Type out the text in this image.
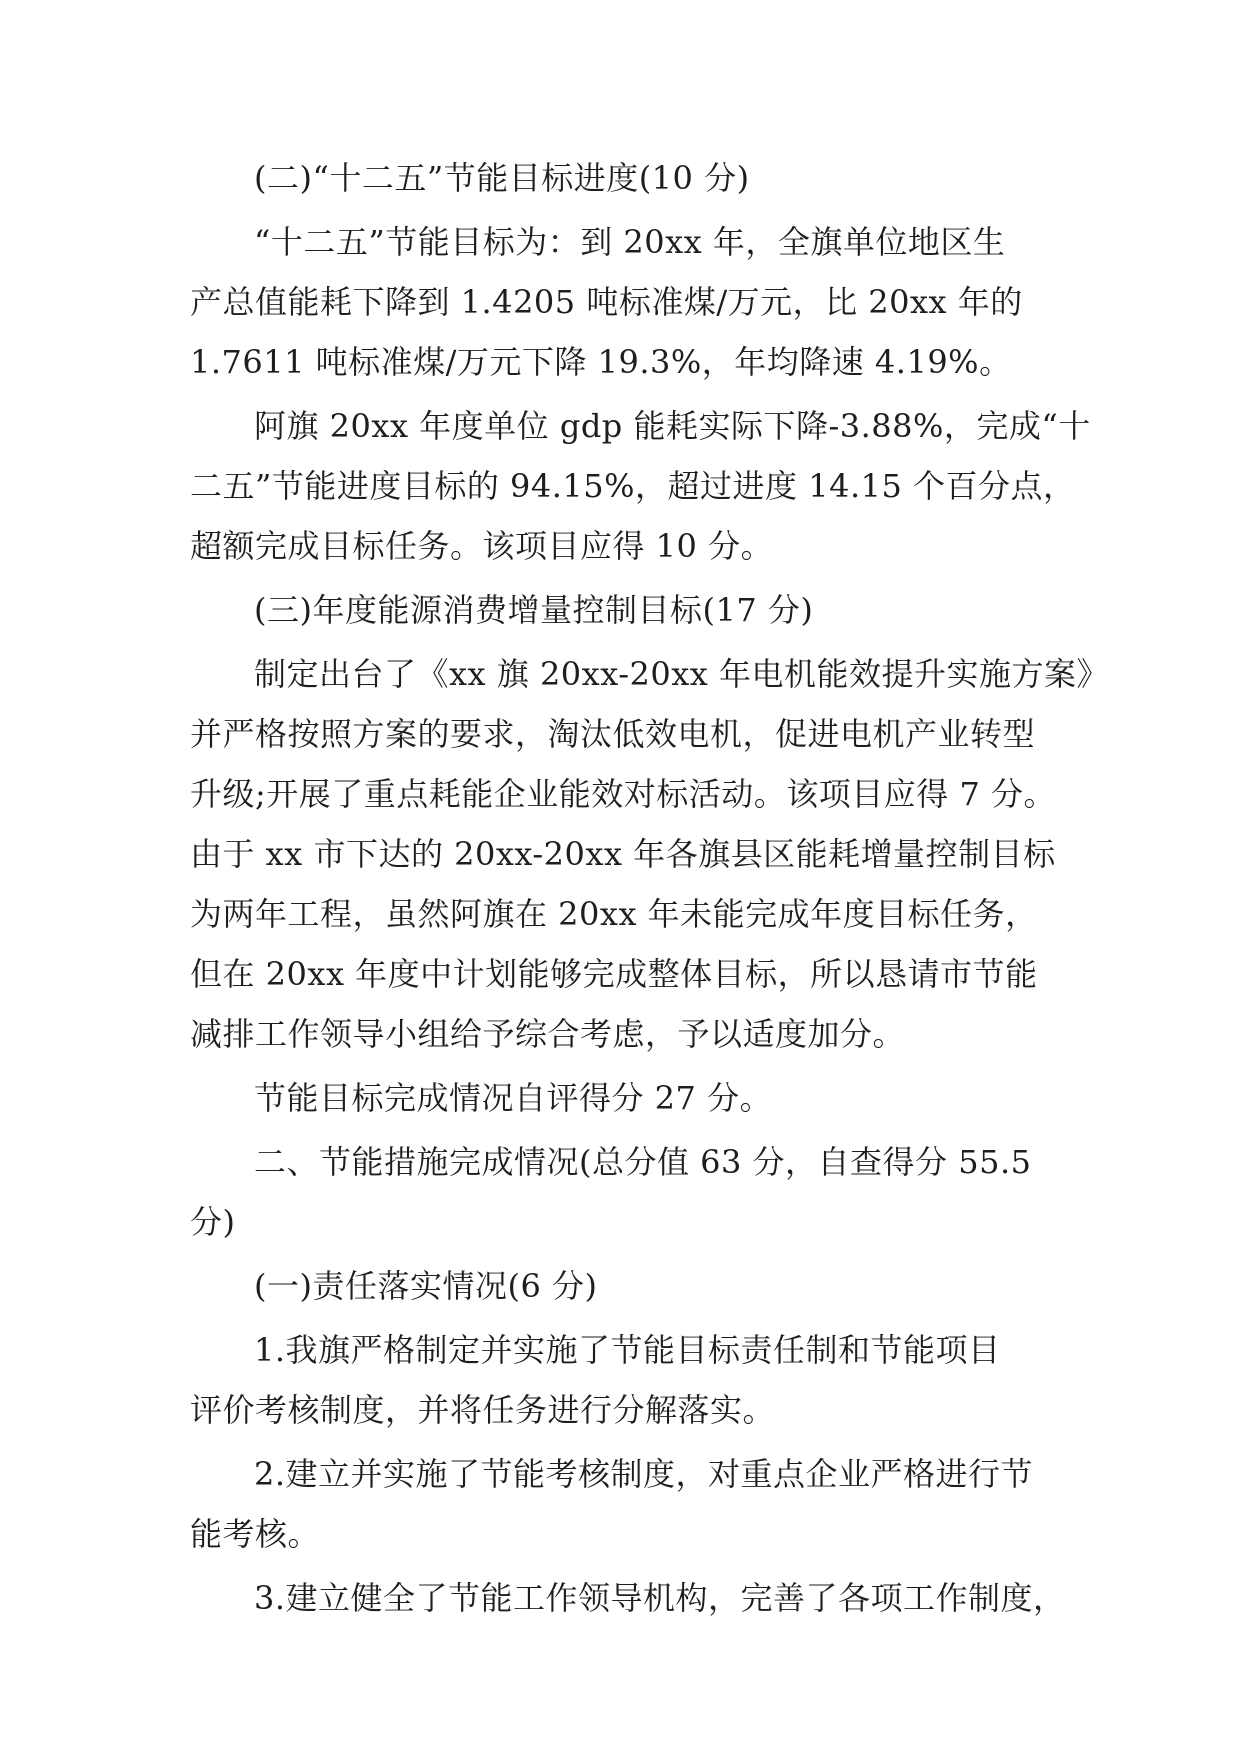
(二)“十二五”节能目标进度(10 分)
“十二五”节能目标为：到 20xx 年，全旗单位地区生
产总值能耗下降到 1.4205 吨标准煤/万元，比 20xx 年的
1.7611 吨标准煤/万元下降 19.3%，年均降速 4.19%。
阿旗 20xx 年度单位 gdp 能耗实际下降-3.88%，完成“十
二五”节能进度目标的 94.15%，超过进度 14.15 个百分点，
超额完成目标任务。该项目应得 10 分。
(三)年度能源消费增量控制目标(17 分)
制定出台了《xx 旗 20xx-20xx 年电机能效提升实施方案》
并严格按照方案的要求，淘汰低效电机，促进电机产业转型
升级;开展了重点耗能企业能效对标活动。该项目应得 7 分。
由于 xx 市下达的 20xx-20xx 年各旗县区能耗增量控制目标
为两年工程，虽然阿旗在 20xx 年未能完成年度目标任务，
但在 20xx 年度中计划能够完成整体目标，所以恳请市节能
减排工作领导小组给予综合考虑，予以适度加分。
节能目标完成情况自评得分 27 分。
二、节能措施完成情况(总分值 63 分，自查得分 55.5
分)
(一)责任落实情况(6 分)
1.我旗严格制定并实施了节能目标责任制和节能项目
评价考核制度，并将任务进行分解落实。
2.建立并实施了节能考核制度，对重点企业严格进行节
能考核。
3.建立健全了节能工作领导机构，完善了各项工作制度，
